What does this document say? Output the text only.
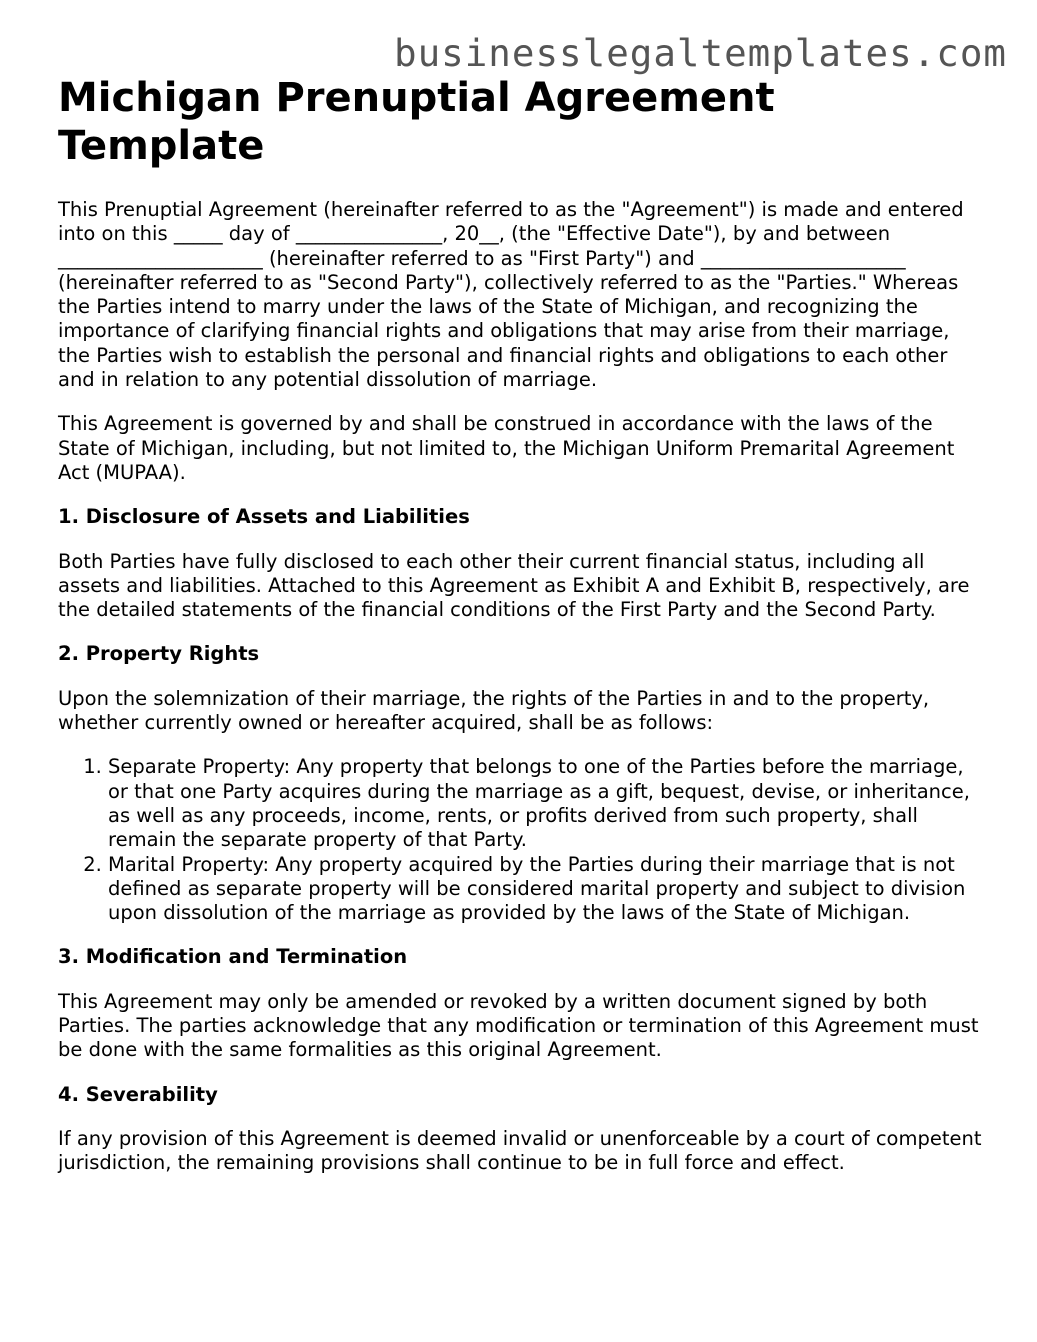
businesslegaltemplates.com
Michigan Prenuptial Agreement Template

This Prenuptial Agreement (hereinafter referred to as the "Agreement") is made and entered into on this _____ day of _______________, 20__, (the "Effective Date"), by and between _____________________ (hereinafter referred to as "First Party") and _____________________ (hereinafter referred to as "Second Party"), collectively referred to as the "Parties." Whereas the Parties intend to marry under the laws of the State of Michigan, and recognizing the importance of clarifying financial rights and obligations that may arise from their marriage, the Parties wish to establish the personal and financial rights and obligations to each other and in relation to any potential dissolution of marriage.

This Agreement is governed by and shall be construed in accordance with the laws of the State of Michigan, including, but not limited to, the Michigan Uniform Premarital Agreement Act (MUPAA).

1. Disclosure of Assets and Liabilities

Both Parties have fully disclosed to each other their current financial status, including all assets and liabilities. Attached to this Agreement as Exhibit A and Exhibit B, respectively, are the detailed statements of the financial conditions of the First Party and the Second Party.

2. Property Rights

Upon the solemnization of their marriage, the rights of the Parties in and to the property, whether currently owned or hereafter acquired, shall be as follows:

1. Separate Property: Any property that belongs to one of the Parties before the marriage, or that one Party acquires during the marriage as a gift, bequest, devise, or inheritance, as well as any proceeds, income, rents, or profits derived from such property, shall remain the separate property of that Party.
2. Marital Property: Any property acquired by the Parties during their marriage that is not defined as separate property will be considered marital property and subject to division upon dissolution of the marriage as provided by the laws of the State of Michigan.
3. Modification and Termination

This Agreement may only be amended or revoked by a written document signed by both Parties. The parties acknowledge that any modification or termination of this Agreement must be done with the same formalities as this original Agreement.

4. Severability

If any provision of this Agreement is deemed invalid or unenforceable by a court of competent jurisdiction, the remaining provisions shall continue to be in full force and effect.
